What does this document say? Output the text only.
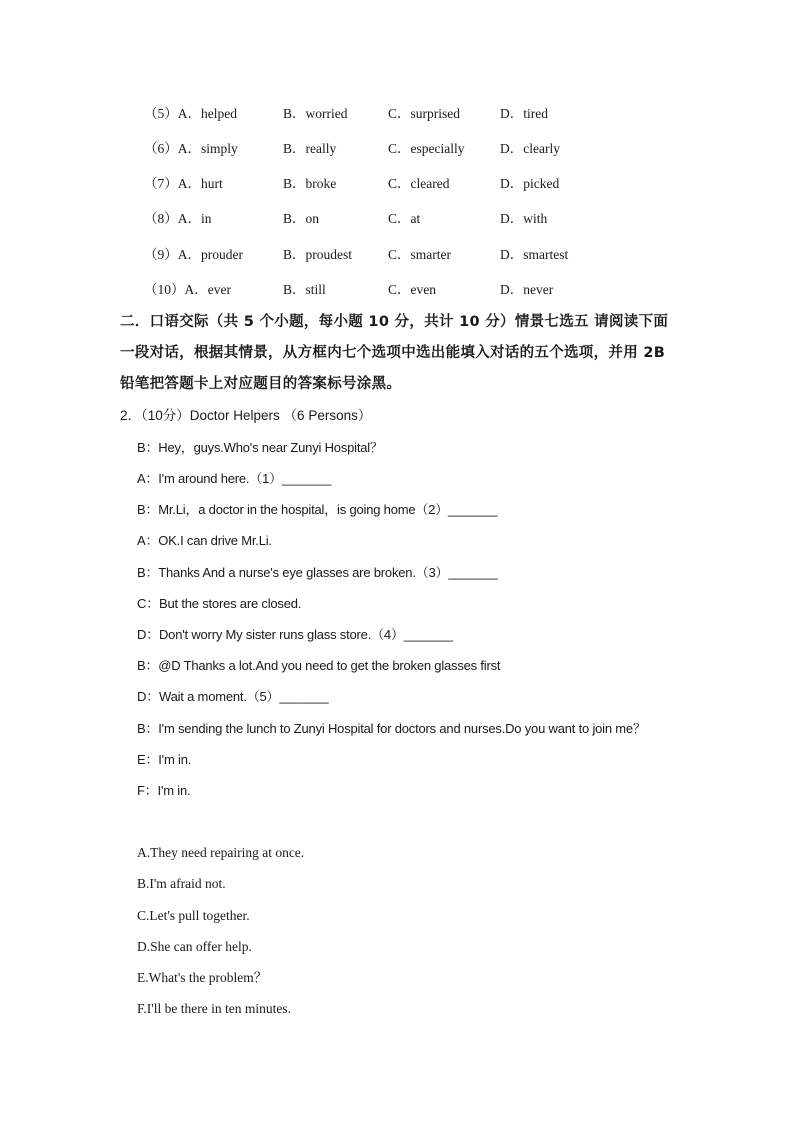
（5）A．helped	B．worried	C．surprised	D．tired
（6）A．simply	B．really	C．especially	D．clearly
（7）A．hurt	B．broke	C．cleared	D．picked
（8）A．in	B．on	C．at	D．with
（9）A．prouder	B．proudest	C．smarter	D．smartest
（10）A．ever	B．still	C．even	D．never
二．口语交际（共 5 个小题，每小题 10 分，共计 10 分）情景七选五 请阅读下面一段对话，根据其情景，从方框内七个选项中选出能填入对话的五个选项，并用 2B 铅笔把答题卡上对应题目的答案标号涂黑。
2．（10分）Doctor Helpers （6 Persons）
B：Hey，guys.Who's near Zunyi Hospital？
A：I'm around here.（1）_______
B：Mr.Li，a doctor in the hospital，is going home（2）_______
A：OK.I can drive Mr.Li.
B：Thanks And a nurse's eye glasses are broken.（3）_______
C：But the stores are closed.
D：Don't worry My sister runs glass store.（4）_______
B：@D Thanks a lot.And you need to get the broken glasses first
D：Wait a moment.（5）_______
B：I'm sending the lunch to Zunyi Hospital for doctors and nurses.Do you want to join me？
E：I'm in.
F：I'm in.
A.They need repairing at once.
B.I'm afraid not.
C.Let's pull together.
D.She can offer help.
E.What's the problem？
F.I'll be there in ten minutes.
